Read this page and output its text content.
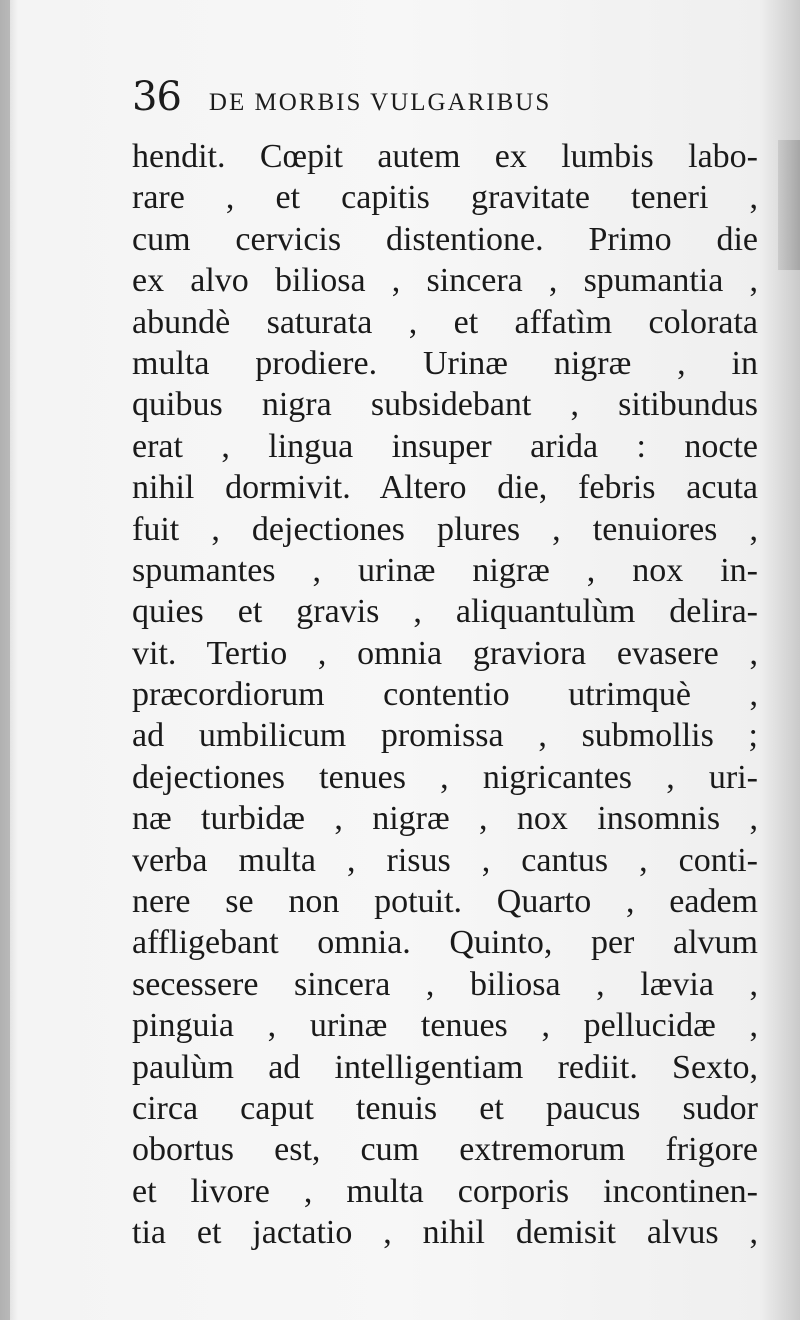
36 DE MORBIS VULGARIBUS
hendit. Cœpit autem ex lumbis labo-
rare , et capitis gravitate teneri ,
cum cervicis distentione. Primo die
ex alvo biliosa , sincera , spumantia ,
abundè saturata , et affatìm colorata
multa prodiere. Urinæ nigræ , in
quibus nigra subsidebant , sitibundus
erat , lingua insuper arida : nocte
nihil dormivit. Altero die, febris acuta
fuit , dejectiones plures , tenuiores ,
spumantes , urinæ nigræ , nox in-
quies et gravis , aliquantulùm delira-
vit. Tertio , omnia graviora evasere ,
præcordiorum contentio utrimquè ,
ad umbilicum promissa , submollis ;
dejectiones tenues , nigricantes , uri-
næ turbidæ , nigræ , nox insomnis ,
verba multa , risus , cantus , conti-
nere se non potuit. Quarto , eadem
affligebant omnia. Quinto, per alvum
secessere sincera , biliosa , lævia ,
pinguia , urinæ tenues , pellucidæ ,
paulùm ad intelligentiam rediit. Sexto,
circa caput tenuis et paucus sudor
obortus est, cum extremorum frigore
et livore , multa corporis incontinen-
tia et jactatio , nihil demisit alvus ,
